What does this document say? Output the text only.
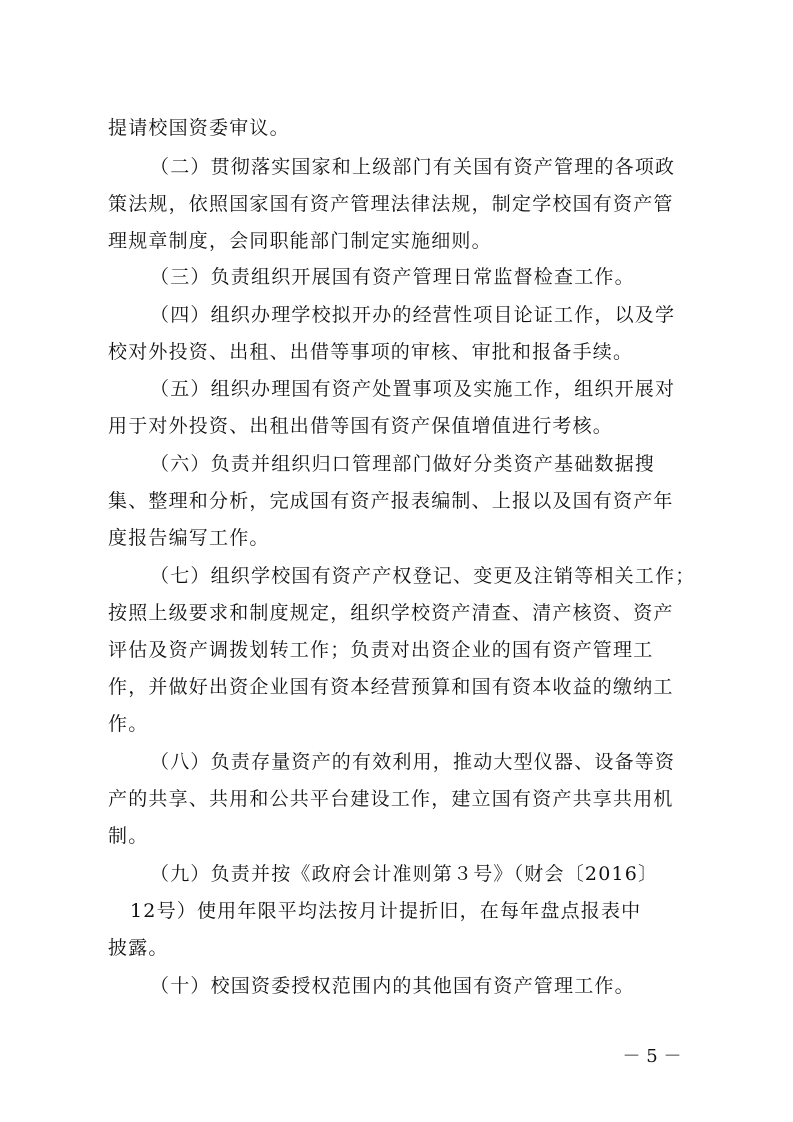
提请校国资委审议。
（二）贯彻落实国家和上级部门有关国有资产管理的各项政
策法规，依照国家国有资产管理法律法规，制定学校国有资产管
理规章制度，会同职能部门制定实施细则。
（三）负责组织开展国有资产管理日常监督检查工作。
（四）组织办理学校拟开办的经营性项目论证工作，以及学
校对外投资、出租、出借等事项的审核、审批和报备手续。
（五）组织办理国有资产处置事项及实施工作，组织开展对
用于对外投资、出租出借等国有资产保值增值进行考核。
（六）负责并组织归口管理部门做好分类资产基础数据搜
集、整理和分析，完成国有资产报表编制、上报以及国有资产年
度报告编写工作。
（七）组织学校国有资产产权登记、变更及注销等相关工作；
按照上级要求和制度规定，组织学校资产清查、清产核资、资产
评估及资产调拨划转工作；负责对出资企业的国有资产管理工
作，并做好出资企业国有资本经营预算和国有资本收益的缴纳工
作。
（八）负责存量资产的有效利用，推动大型仪器、设备等资
产的共享、共用和公共平台建设工作，建立国有资产共享共用机
制。
（九）负责并按《政府会计准则第３号》（财会〔2016〕
12号）使用年限平均法按月计提折旧，在每年盘点报表中
披露。
（十）校国资委授权范围内的其他国有资产管理工作。
－ 5 －
